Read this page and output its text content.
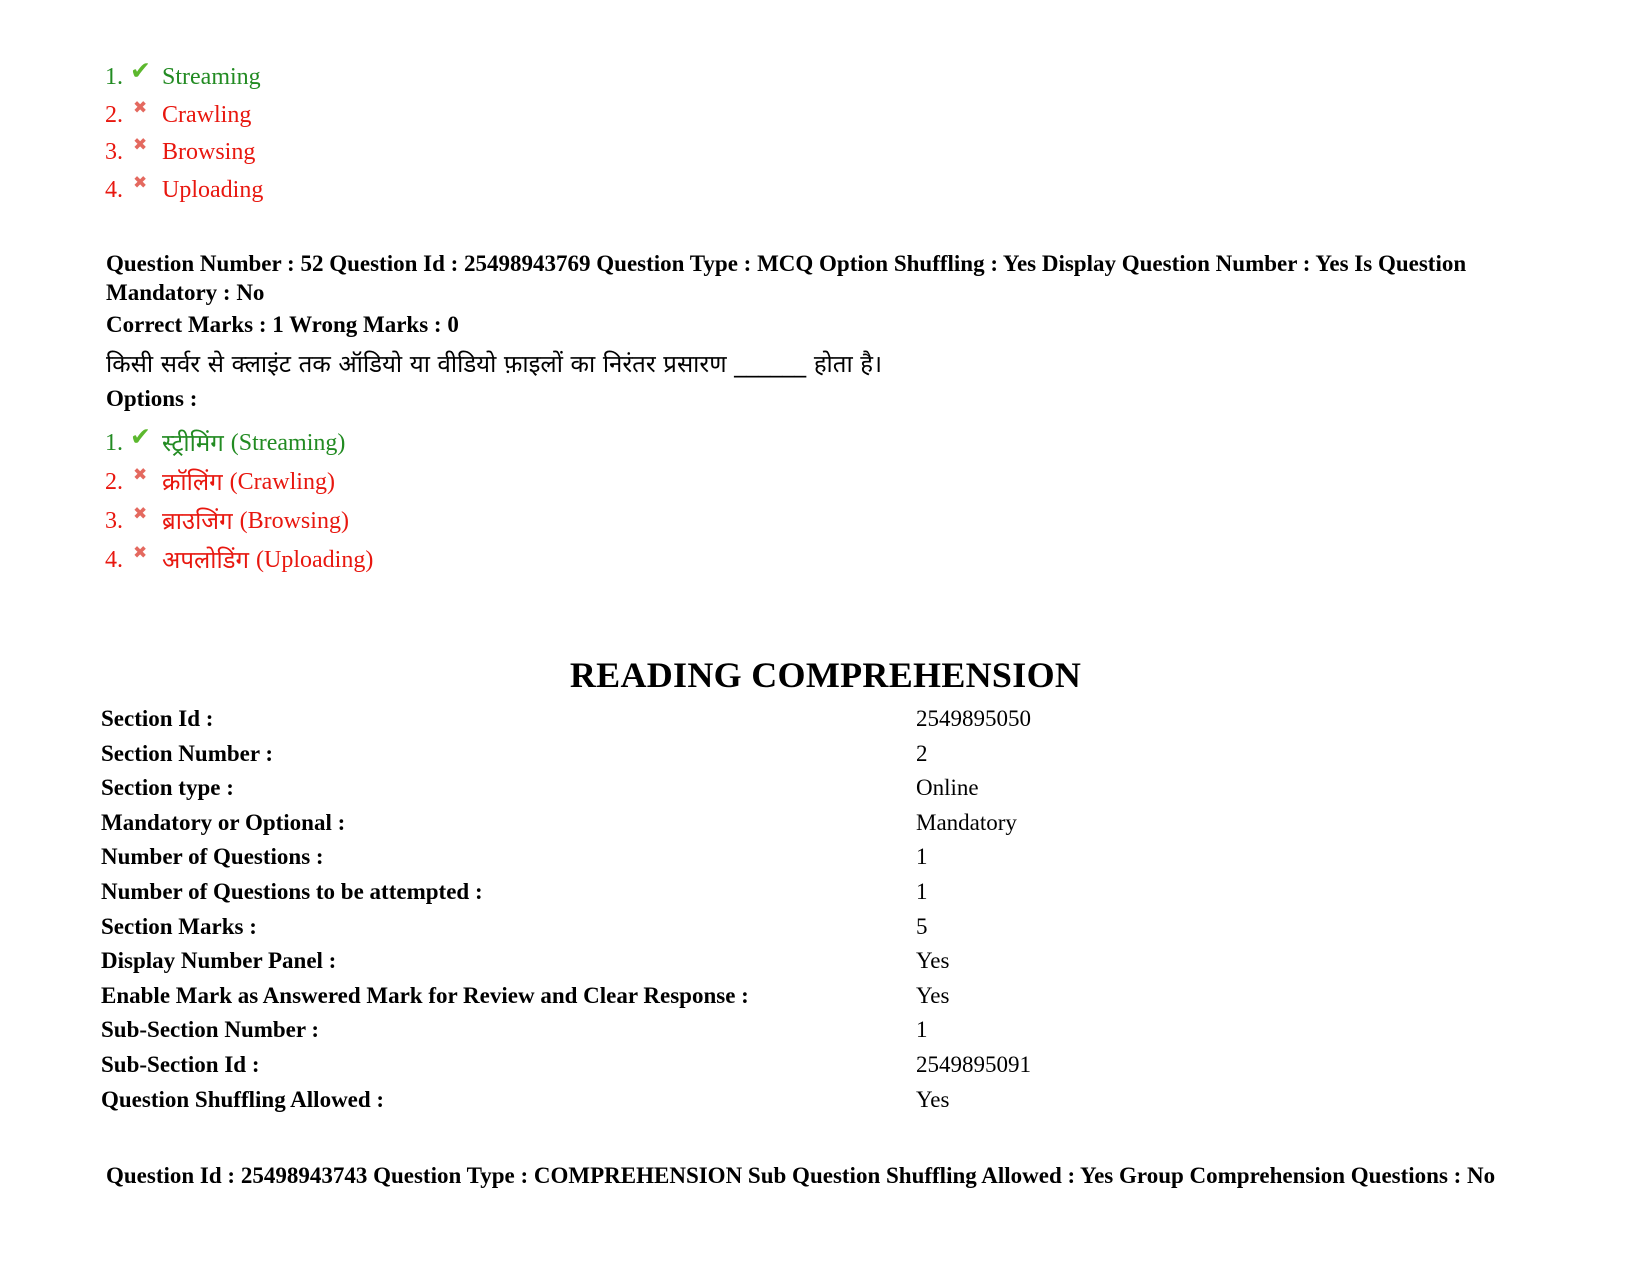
1. ✔ Streaming
2. ✖ Crawling
3. ✖ Browsing
4. ✖ Uploading
Question Number : 52 Question Id : 25498943769 Question Type : MCQ Option Shuffling : Yes Display Question Number : Yes Is Question Mandatory : No
Correct Marks : 1 Wrong Marks : 0
किसी सर्वर से क्लाइंट तक ऑडियो या वीडियो फ़ाइलों का निरंतर प्रसारण ______ होता है।
Options :
1. ✔ स्ट्रीमिंग (Streaming)
2. ✖ क्रॉलिंग (Crawling)
3. ✖ ब्राउजिंग (Browsing)
4. ✖ अपलोडिंग (Uploading)
READING COMPREHENSION
Section Id :	2549895050
Section Number :	2
Section type :	Online
Mandatory or Optional :	Mandatory
Number of Questions :	1
Number of Questions to be attempted :	1
Section Marks :	5
Display Number Panel :	Yes
Enable Mark as Answered Mark for Review and Clear Response :	Yes
Sub-Section Number :	1
Sub-Section Id :	2549895091
Question Shuffling Allowed :	Yes
Question Id : 25498943743 Question Type : COMPREHENSION Sub Question Shuffling Allowed : Yes Group Comprehension Questions : No
